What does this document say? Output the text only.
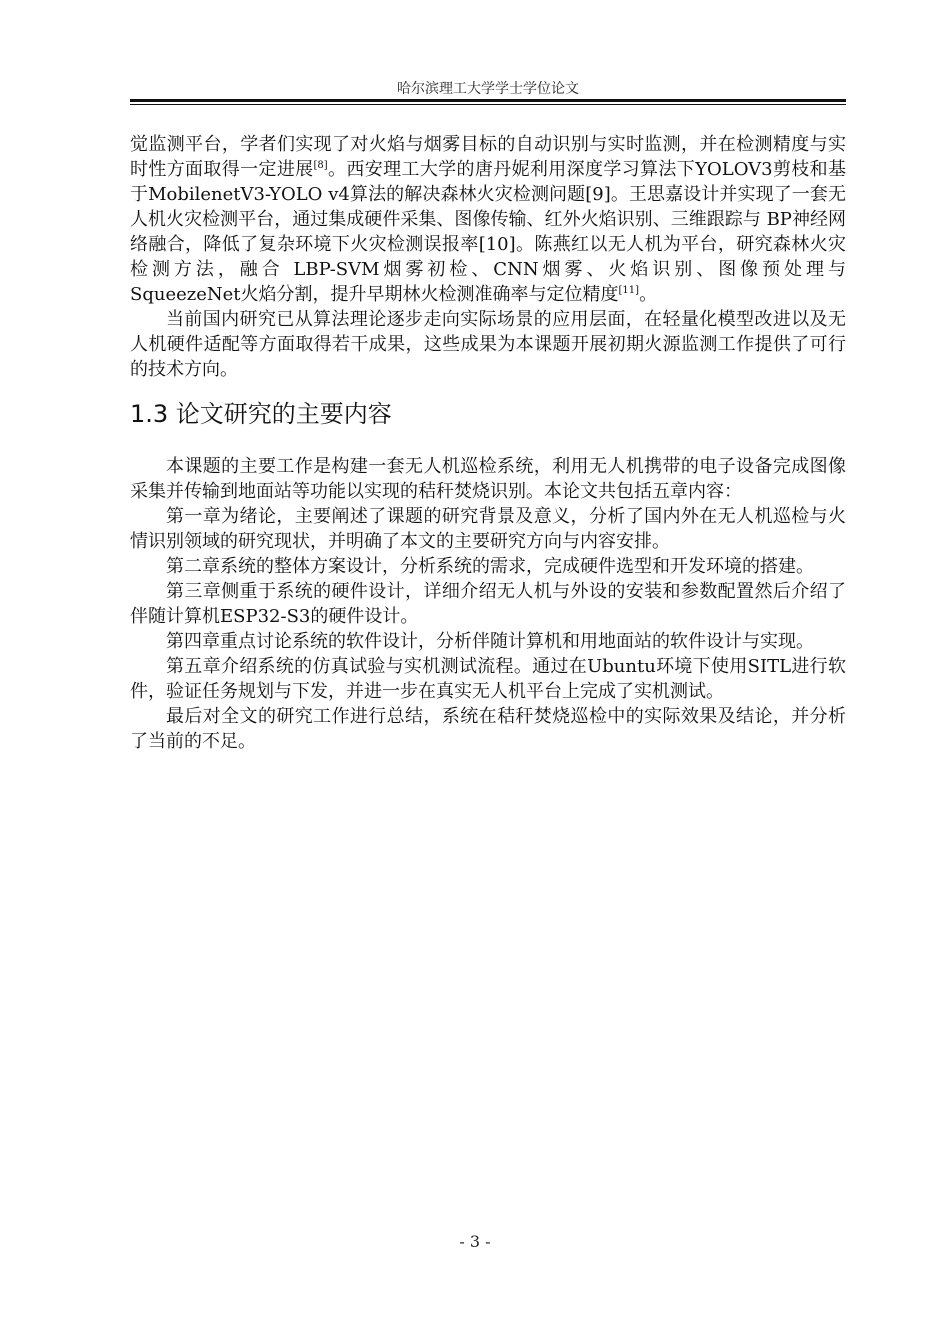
哈尔滨理工大学学士学位论文

觉监测平台，学者们实现了对火焰与烟雾目标的自动识别与实时监测，并在检测精度与实时性方面取得一定进展[8]。西安理工大学的唐丹妮利用深度学习算法下YOLOV3剪枝和基于MobilenetV3-YOLO v4算法的解决森林火灾检测问题[9]。王思嘉设计并实现了一套无人机火灾检测平台，通过集成硬件采集、图像传输、红外火焰识别、三维跟踪与 BP神经网络融合，降低了复杂环境下火灾检测误报率[10]。陈燕红以无人机为平台，研究森林火灾检测方法，融合 LBP-SVM烟雾初检、CNN烟雾、火焰识别、图像预处理与 SqueezeNet火焰分割，提升早期林火检测准确率与定位精度[11]。

当前国内研究已从算法理论逐步走向实际场景的应用层面，在轻量化模型改进以及无人机硬件适配等方面取得若干成果，这些成果为本课题开展初期火源监测工作提供了可行的技术方向。

1.3 论文研究的主要内容

本课题的主要工作是构建一套无人机巡检系统，利用无人机携带的电子设备完成图像采集并传输到地面站等功能以实现的秸秆焚烧识别。本论文共包括五章内容：

第一章为绪论，主要阐述了课题的研究背景及意义，分析了国内外在无人机巡检与火情识别领域的研究现状，并明确了本文的主要研究方向与内容安排。

第二章系统的整体方案设计，分析系统的需求，完成硬件选型和开发环境的搭建。

第三章侧重于系统的硬件设计，详细介绍无人机与外设的安装和参数配置然后介绍了伴随计算机ESP32-S3的硬件设计。

第四章重点讨论系统的软件设计，分析伴随计算机和用地面站的软件设计与实现。

第五章介绍系统的仿真试验与实机测试流程。通过在Ubuntu环境下使用SITL进行软件，验证任务规划与下发，并进一步在真实无人机平台上完成了实机测试。

最后对全文的研究工作进行总结，系统在秸秆焚烧巡检中的实际效果及结论，并分析了当前的不足。

- 3 -
